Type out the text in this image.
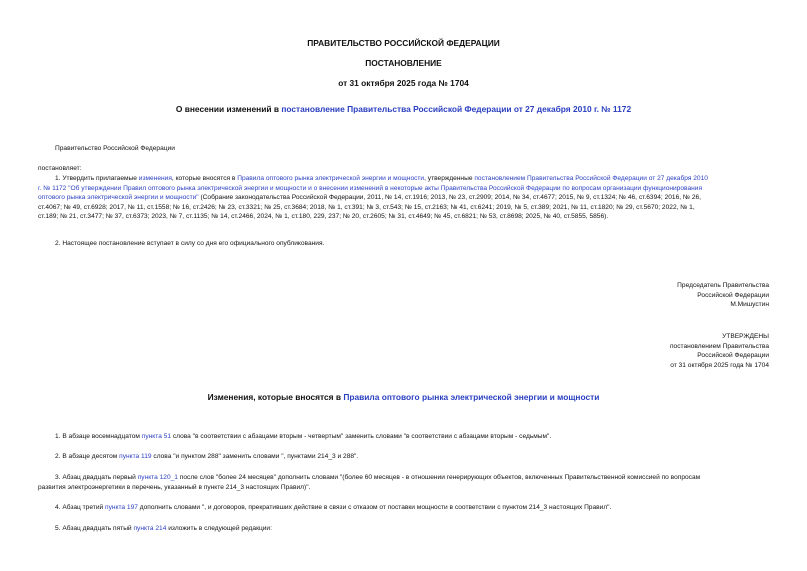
ПРАВИТЕЛЬСТВО РОССИЙСКОЙ ФЕДЕРАЦИИ
ПОСТАНОВЛЕНИЕ
от 31 октября 2025 года № 1704
О внесении изменений в постановление Правительства Российской Федерации от 27 декабря 2010 г. № 1172
Правительство Российской Федерации
постановляет:
1. Утвердить прилагаемые изменения, которые вносятся в Правила оптового рынка электрической энергии и мощности, утвержденные постановлением Правительства Российской Федерации от 27 декабря 2010
г. № 1172 "Об утверждении Правил оптового рынка электрической энергии и мощности и о внесении изменений в некоторые акты Правительства Российской Федерации по вопросам организации функционирования
оптового рынка электрической энергии и мощности" (Собрание законодательства Российской Федерации, 2011, № 14, ст.1916; 2013, № 23, ст.2909; 2014, № 34, ст.4677; 2015, № 9, ст.1324; № 46, ст.6394; 2016, № 26,
ст.4067; № 49, ст.6928; 2017, № 11, ст.1558; № 16, ст.2426; № 23, ст.3321; № 25, ст.3684; 2018, № 1, ст.391; № 3, ст.543; № 15, ст.2163; № 41, ст.6241; 2019, № 5, ст.389; 2021, № 11, ст.1820; № 29, ст.5670; 2022, № 1,
ст.189; № 21, ст.3477; № 37, ст.6373; 2023, № 7, ст.1135; № 14, ст.2466, 2024, № 1, ст.180, 229, 237; № 20, ст.2605; № 31, ст.4649; № 45, ст.6821; № 53, ст.8698; 2025, № 40, ст.5855, 5856).
2. Настоящее постановление вступает в силу со дня его официального опубликования.
Председатель Правительства
Российской Федерации
М.Мишустин
УТВЕРЖДЕНЫ
постановлением Правительства
Российской Федерации
от 31 октября 2025 года № 1704
Изменения, которые вносятся в Правила оптового рынка электрической энергии и мощности
1. В абзаце восемнадцатом пункта 51 слова "в соответствии с абзацами вторым - четвертым" заменить словами "в соответствии с абзацами вторым - седьмым".
2. В абзаце десятом пункта 119 слова "и пунктом 288" заменить словами ", пунктами 214_3 и 288".
3. Абзац двадцать первый пункта 120_1 после слов "более 24 месяцев" дополнить словами "(более 60 месяцев - в отношении генерирующих объектов, включенных Правительственной комиссией по вопросам
развития электроэнергетики в перечень, указанный в пункте 214_3 настоящих Правил)".
4. Абзац третий пункта 197 дополнить словами ", и договоров, прекративших действие в связи с отказом от поставки мощности в соответствии с пунктом 214_3 настоящих Правил".
5. Абзац двадцать пятый пункта 214 изложить в следующей редакции:
